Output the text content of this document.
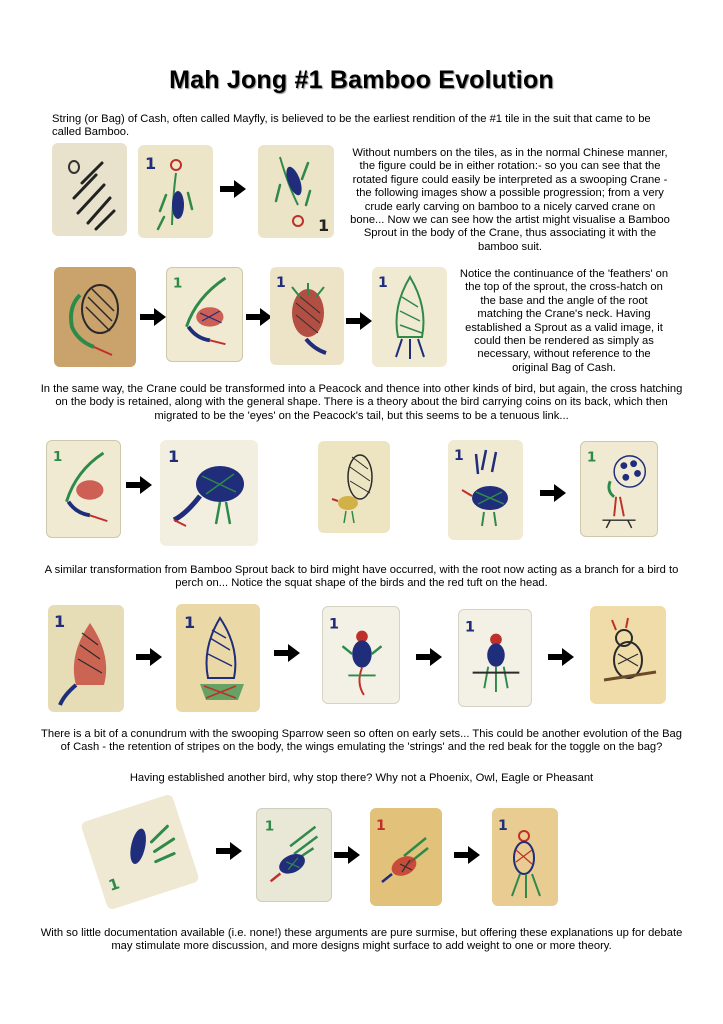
Mah Jong #1 Bamboo Evolution

String (or Bag) of Cash, often called Mayfly, is believed to be the earliest rendition of the #1 tile in the suit that came to be called Bamboo.

1
1

Without numbers on the tiles, as in the normal Chinese manner, the figure could be in either rotation:- so you can see that the rotated figure could easily be interpreted as a swooping Crane - the following images show a possible progression; from a very crude early carving on bamboo to a nicely carved crane on bone... Now we can see how the artist might visualise a Bamboo Sprout in the body of the Crane, thus associating it with the bamboo suit.

1	1	1

Notice the continuance of the 'feathers' on the top of the sprout, the cross-hatch on the base and the angle of the root matching the Crane's neck. Having established a Sprout as a valid image, it could then be rendered as simply as necessary, without reference to the original Bag of Cash.

In the same way, the Crane could be transformed into a Peacock and thence into other kinds of bird, but again, the cross hatching on the body is retained, along with the general shape. There is a theory about the bird carrying coins on its back, which then migrated to be the 'eyes' on the Peacock's tail, but this seems to be a tenuous link...

1	1	1	1

A similar transformation from Bamboo Sprout back to bird might have occurred, with the root now acting as a branch for a bird to perch on... Notice the squat shape of the birds and the red tuft on the head.

1	1	1	1

There is a bit of a conundrum with the swooping Sparrow seen so often on early sets... This could be another evolution of the Bag of Cash - the retention of stripes on the body, the wings emulating the 'strings' and the red beak for the toggle on the bag?

Having established another bird, why stop there? Why not a Phoenix, Owl, Eagle or Pheasant

1
1	1	1

With so little documentation available (i.e. none!) these arguments are pure surmise, but offering these explanations up for debate may stimulate more discussion, and more designs might surface to add weight to one or more theory.
